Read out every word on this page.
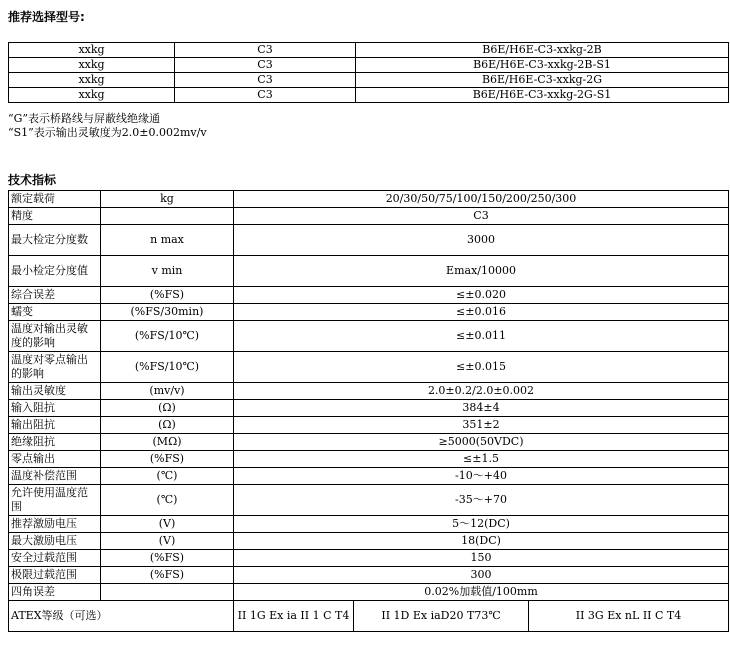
推荐选择型号:
xxkg	C3	B6E/H6E-C3-xxkg-2B
xxkg	C3	B6E/H6E-C3-xxkg-2B-S1
xxkg	C3	B6E/H6E-C3-xxkg-2G
xxkg	C3	B6E/H6E-C3-xxkg-2G-S1
“G”表示桥路线与屏蔽线绝缘通
“S1”表示输出灵敏度为2.0±0.002mv/v
技术指标
额定载荷	kg	20/30/50/75/100/150/200/250/300		
精度		C3		
最大检定分度数	n max	3000		
最小检定分度值	v min	Emax/10000		
综合误差	(%FS)	≤±0.020		
蠕变	(%FS/30min)	≤±0.016		
温度对输出灵敏度的影响	(%FS/10℃)	≤±0.011		
温度对零点输出的影响	(%FS/10℃)	≤±0.015		
输出灵敏度	(mv/v)	2.0±0.2/2.0±0.002		
输入阻抗	(Ω)	384±4		
输出阻抗	(Ω)	351±2		
绝缘阻抗	(MΩ)	≥5000(50VDC)		
零点输出	(%FS)	≤±1.5		
温度补偿范围	(℃)	-10～+40		
允许使用温度范围	(℃)	-35～+70		
推荐激励电压	(V)	5～12(DC)		
最大激励电压	(V)	18(DC)		
安全过载范围	(%FS)	150		
极限过载范围	(%FS)	300		
四角误差		0.02%加载值/100mm		
ATEX等级（可选）		II 1G Ex ia II 1 C T4	II 1D Ex iaD20 T73℃	II 3G Ex nL II C T4
